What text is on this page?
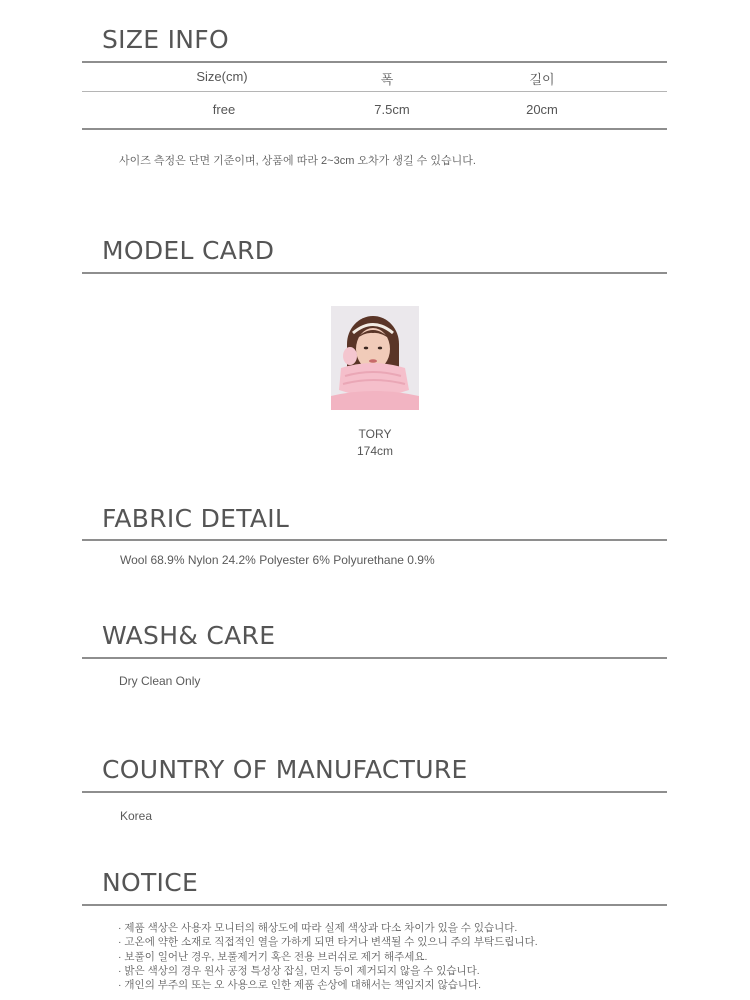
SIZE INFO
Size(cm)	폭	길이
free	7.5cm	20cm
사이즈 측정은 단면 기준이며, 상품에 따라 2~3cm 오차가 생길 수 있습니다.
MODEL CARD
TORY
174cm
FABRIC DETAIL
Wool 68.9% Nylon 24.2% Polyester 6% Polyurethane 0.9%
WASH& CARE
Dry Clean Only
COUNTRY OF MANUFACTURE
Korea
NOTICE
· 제품 색상은 사용자 모니터의 해상도에 따라 실제 색상과 다소 차이가 있을 수 있습니다.
· 고온에 약한 소재로 직접적인 열을 가하게 되면 타거나 변색될 수 있으니 주의 부탁드립니다.
· 보풀이 일어난 경우, 보풀제거기 혹은 전용 브러쉬로 제거 해주세요.
· 밝은 색상의 경우 원사 공정 특성상 잡실, 먼지 등이 제거되지 않을 수 있습니다.
· 개인의 부주의 또는 오 사용으로 인한 제품 손상에 대해서는 책임지지 않습니다.
